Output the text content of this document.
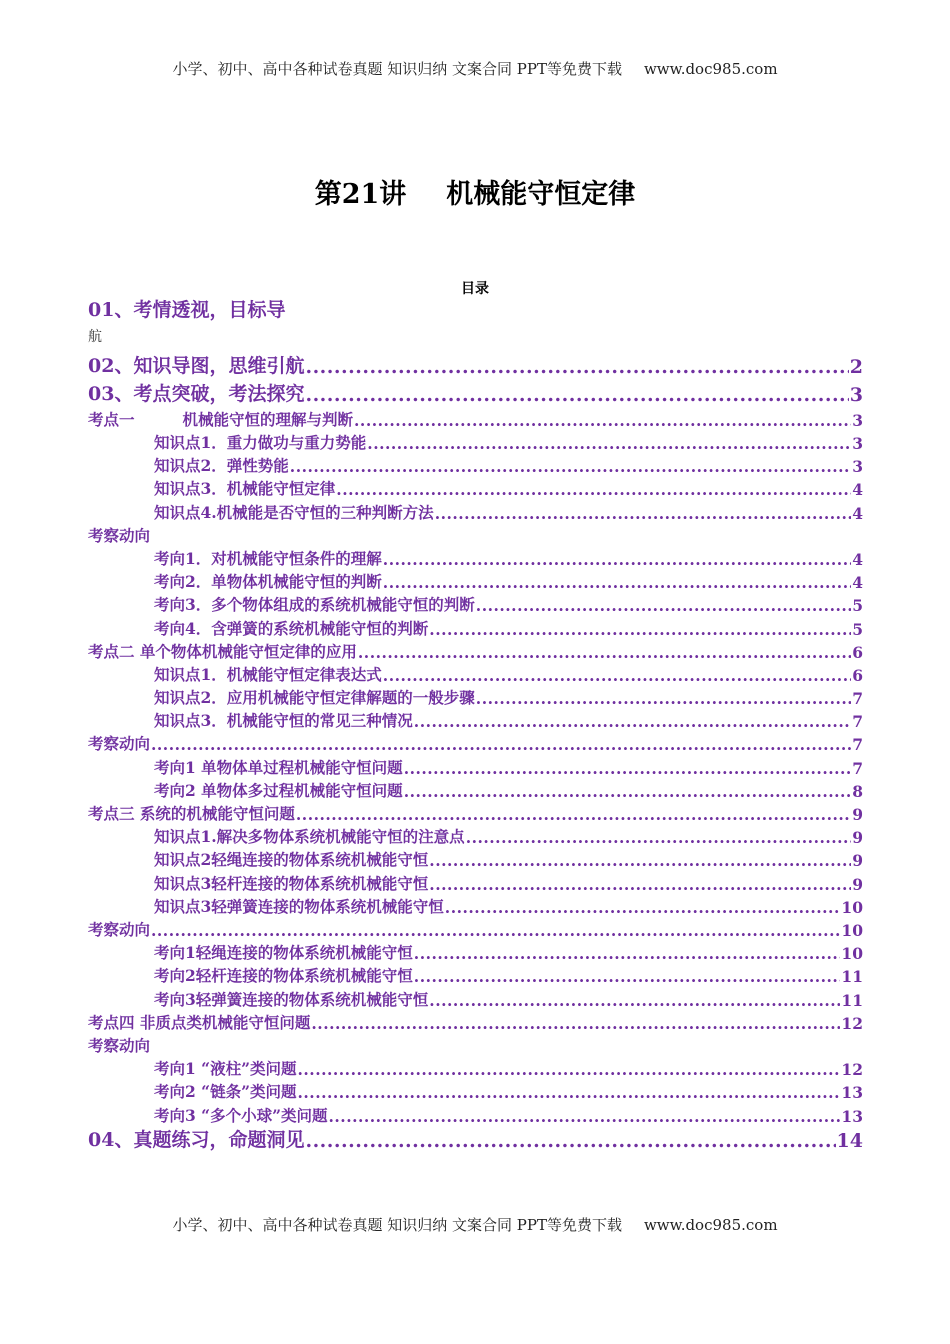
小学、初中、高中各种试卷真题 知识归纳 文案合同 PPT等免费下载 www.doc985.com
第21讲 机械能守恒定律
目录
01、考情透视，目标导
航
02、知识导图，思维引航 .....	2
03、考点突破，考法探究 .....	3
考点一	机械能守恒的理解与判断 .....	3
知识点1．重力做功与重力势能 .....	3
知识点2．弹性势能 .....	3
知识点3．机械能守恒定律 .....	4
知识点4.机械能是否守恒的三种判断方法 .....	4
考察动向
考向1．对机械能守恒条件的理解 .....	4
考向2．单物体机械能守恒的判断 .....	4
考向3．多个物体组成的系统机械能守恒的判断 .....	5
考向4．含弹簧的系统机械能守恒的判断 .....	5
考点二 单个物体机械能守恒定律的应用 .....	6
知识点1．机械能守恒定律表达式 .....	6
知识点2．应用机械能守恒定律解题的一般步骤 .....	7
知识点3．机械能守恒的常见三种情况 .....	7
考察动向 .....	7
考向1 单物体单过程机械能守恒问题 .....	7
考向2 单物体多过程机械能守恒问题 .....	8
考点三 系统的机械能守恒问题 .....	9
知识点1.解决多物体系统机械能守恒的注意点 .....	9
知识点2轻绳连接的物体系统机械能守恒 .....	9
知识点3轻杆连接的物体系统机械能守恒 .....	9
知识点3轻弹簧连接的物体系统机械能守恒 .....	10
考察动向 .....	10
考向1轻绳连接的物体系统机械能守恒 .....	10
考向2轻杆连接的物体系统机械能守恒 .....	11
考向3轻弹簧连接的物体系统机械能守恒 .....	11
考点四 非质点类机械能守恒问题 .....	12
考察动向
考向1 “液柱”类问题 .....	12
考向2 “链条”类问题 .....	13
考向3 “多个小球”类问题 .....	13
04、真题练习，命题洞见 .....	14
小学、初中、高中各种试卷真题 知识归纳 文案合同 PPT等免费下载 www.doc985.com
